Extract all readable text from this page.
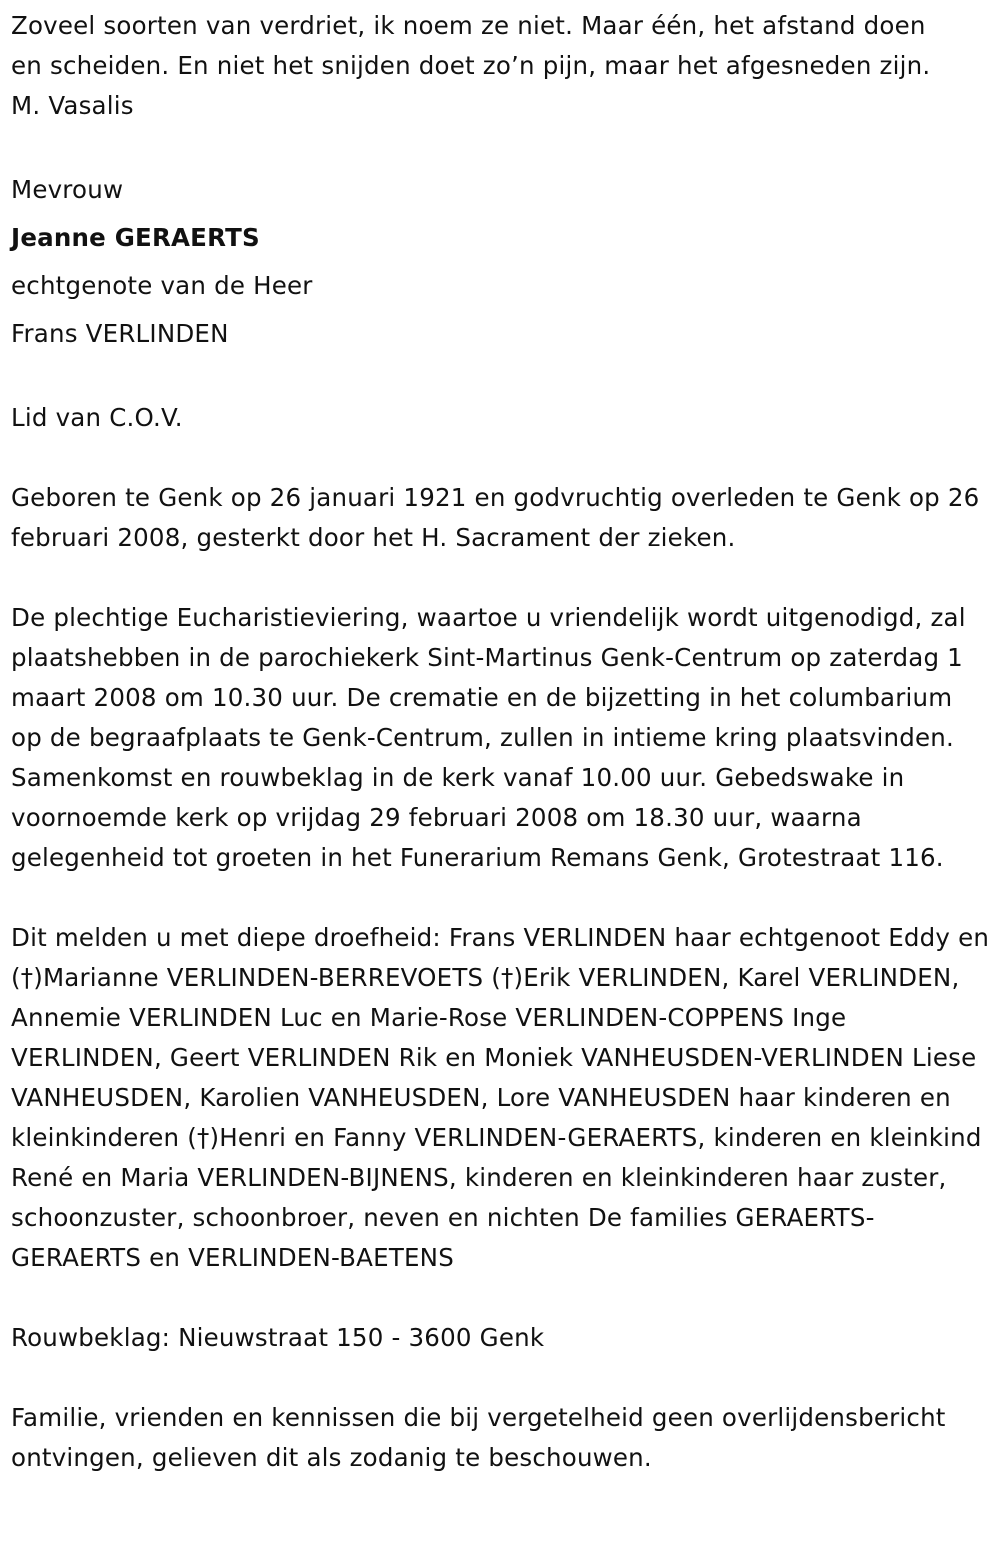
Zoveel soorten van verdriet, ik noem ze niet. Maar één, het afstand doen

en scheiden. En niet het snijden doet zo’n pijn, maar het afgesneden zijn.

M. Vasalis

Mevrouw

Jeanne GERAERTS

echtgenote van de Heer

Frans VERLINDEN

Lid van C.O.V.

Geboren te Genk op 26 januari 1921 en godvruchtig overleden te Genk op 26 februari 2008, gesterkt door het H. Sacrament der zieken.

De plechtige Eucharistieviering, waartoe u vriendelijk wordt uitgenodigd, zal plaatshebben in de parochiekerk Sint-Martinus Genk-Centrum op zaterdag 1 maart 2008 om 10.30 uur. De crematie en de bijzetting in het columbarium op de begraafplaats te Genk-Centrum, zullen in intieme kring plaatsvinden. Samenkomst en rouwbeklag in de kerk vanaf 10.00 uur. Gebedswake in voornoemde kerk op vrijdag 29 februari 2008 om 18.30 uur, waarna gelegenheid tot groeten in het Funerarium Remans Genk, Grotestraat 116.

Dit melden u met diepe droefheid: Frans VERLINDEN haar echtgenoot Eddy en (†)Marianne VERLINDEN-BERREVOETS (†)Erik VERLINDEN, Karel VERLINDEN, Annemie VERLINDEN Luc en Marie-Rose VERLINDEN-COPPENS Inge VERLINDEN, Geert VERLINDEN Rik en Moniek VANHEUSDEN-VERLINDEN Liese VANHEUSDEN, Karolien VANHEUSDEN, Lore VANHEUSDEN haar kinderen en kleinkinderen (†)Henri en Fanny VERLINDEN-GERAERTS, kinderen en kleinkind René en Maria VERLINDEN-BIJNENS, kinderen en kleinkinderen haar zuster, schoonzuster, schoonbroer, neven en nichten De families GERAERTS-GERAERTS en VERLINDEN-BAETENS

Rouwbeklag: Nieuwstraat 150 - 3600 Genk

Familie, vrienden en kennissen die bij vergetelheid geen overlijdensbericht ontvingen, gelieven dit als zodanig te beschouwen.
